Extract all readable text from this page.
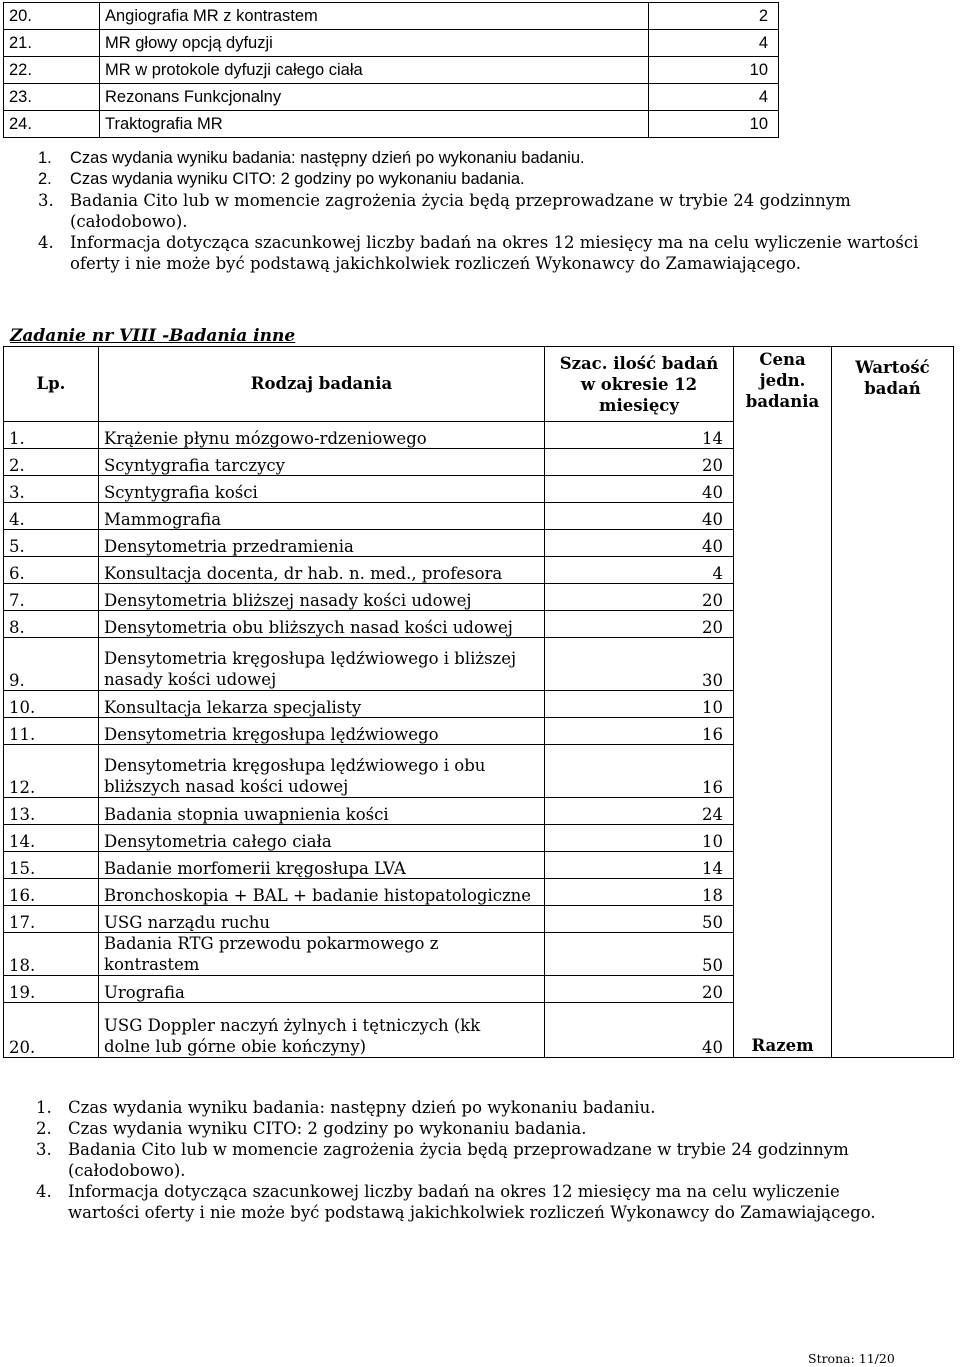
20.	Angiografia MR z kontrastem	2
21.	MR głowy opcją dyfuzji	4
22.	MR w protokole dyfuzji całego ciała	10
23.	Rezonans Funkcjonalny	4
24.	Traktografia MR	10
1. Czas wydania wyniku badania: następny dzień po wykonaniu badaniu.
2. Czas wydania wyniku CITO: 2 godziny po wykonaniu badania.
3. Badania Cito lub w momencie zagrożenia życia będą przeprowadzane w trybie 24 godzinnym (całodobowo).
4. Informacja dotycząca szacunkowej liczby badań na okres 12 miesięcy ma na celu wyliczenie wartości oferty i nie może być podstawą jakichkolwiek rozliczeń Wykonawcy do Zamawiającego.
Zadanie nr VIII -Badania inne
Lp.	Rodzaj badania	Szac. ilość badań
w okresie 12
miesięcy	Cena
jedn.
badania	Wartość
badań

1.	Krążenie płynu mózgowo-rdzeniowego	14		
2.	Scyntygrafia tarczycy	20		
3.	Scyntygrafia kości	40		
4.	Mammografia	40		
5.	Densytometria przedramienia	40		
6.	Konsultacja docenta, dr hab. n. med., profesora	4		
7.	Densytometria bliższej nasady kości udowej	20		
8.	Densytometria obu bliższych nasad kości udowej	20		
9.	Densytometria kręgosłupa lędźwiowego i bliższej
nasady kości udowej	30		
10.	Konsultacja lekarza specjalisty	10		
11.	Densytometria kręgosłupa lędźwiowego	16		
12.	Densytometria kręgosłupa lędźwiowego i obu
bliższych nasad kości udowej	16		
13.	Badania stopnia uwapnienia kości	24		
14.	Densytometria całego ciała	10		
15.	Badanie morfomerii kręgosłupa LVA	14		
16.	Bronchoskopia + BAL + badanie histopatologiczne	18		
17.	USG narządu ruchu	50		
18.	Badania RTG przewodu pokarmowego z
kontrastem	50		
19.	Urografia	20		
20.	USG Doppler naczyń żylnych i tętniczych (kk
dolne lub górne obie kończyny)	40	Razem	
1. Czas wydania wyniku badania: następny dzień po wykonaniu badaniu.
2. Czas wydania wyniku CITO: 2 godziny po wykonaniu badania.
3. Badania Cito lub w momencie zagrożenia życia będą przeprowadzane w trybie 24 godzinnym (całodobowo).
4. Informacja dotycząca szacunkowej liczby badań na okres 12 miesięcy ma na celu wyliczenie wartości oferty i nie może być podstawą jakichkolwiek rozliczeń Wykonawcy do Zamawiającego.
Strona: 11/20
